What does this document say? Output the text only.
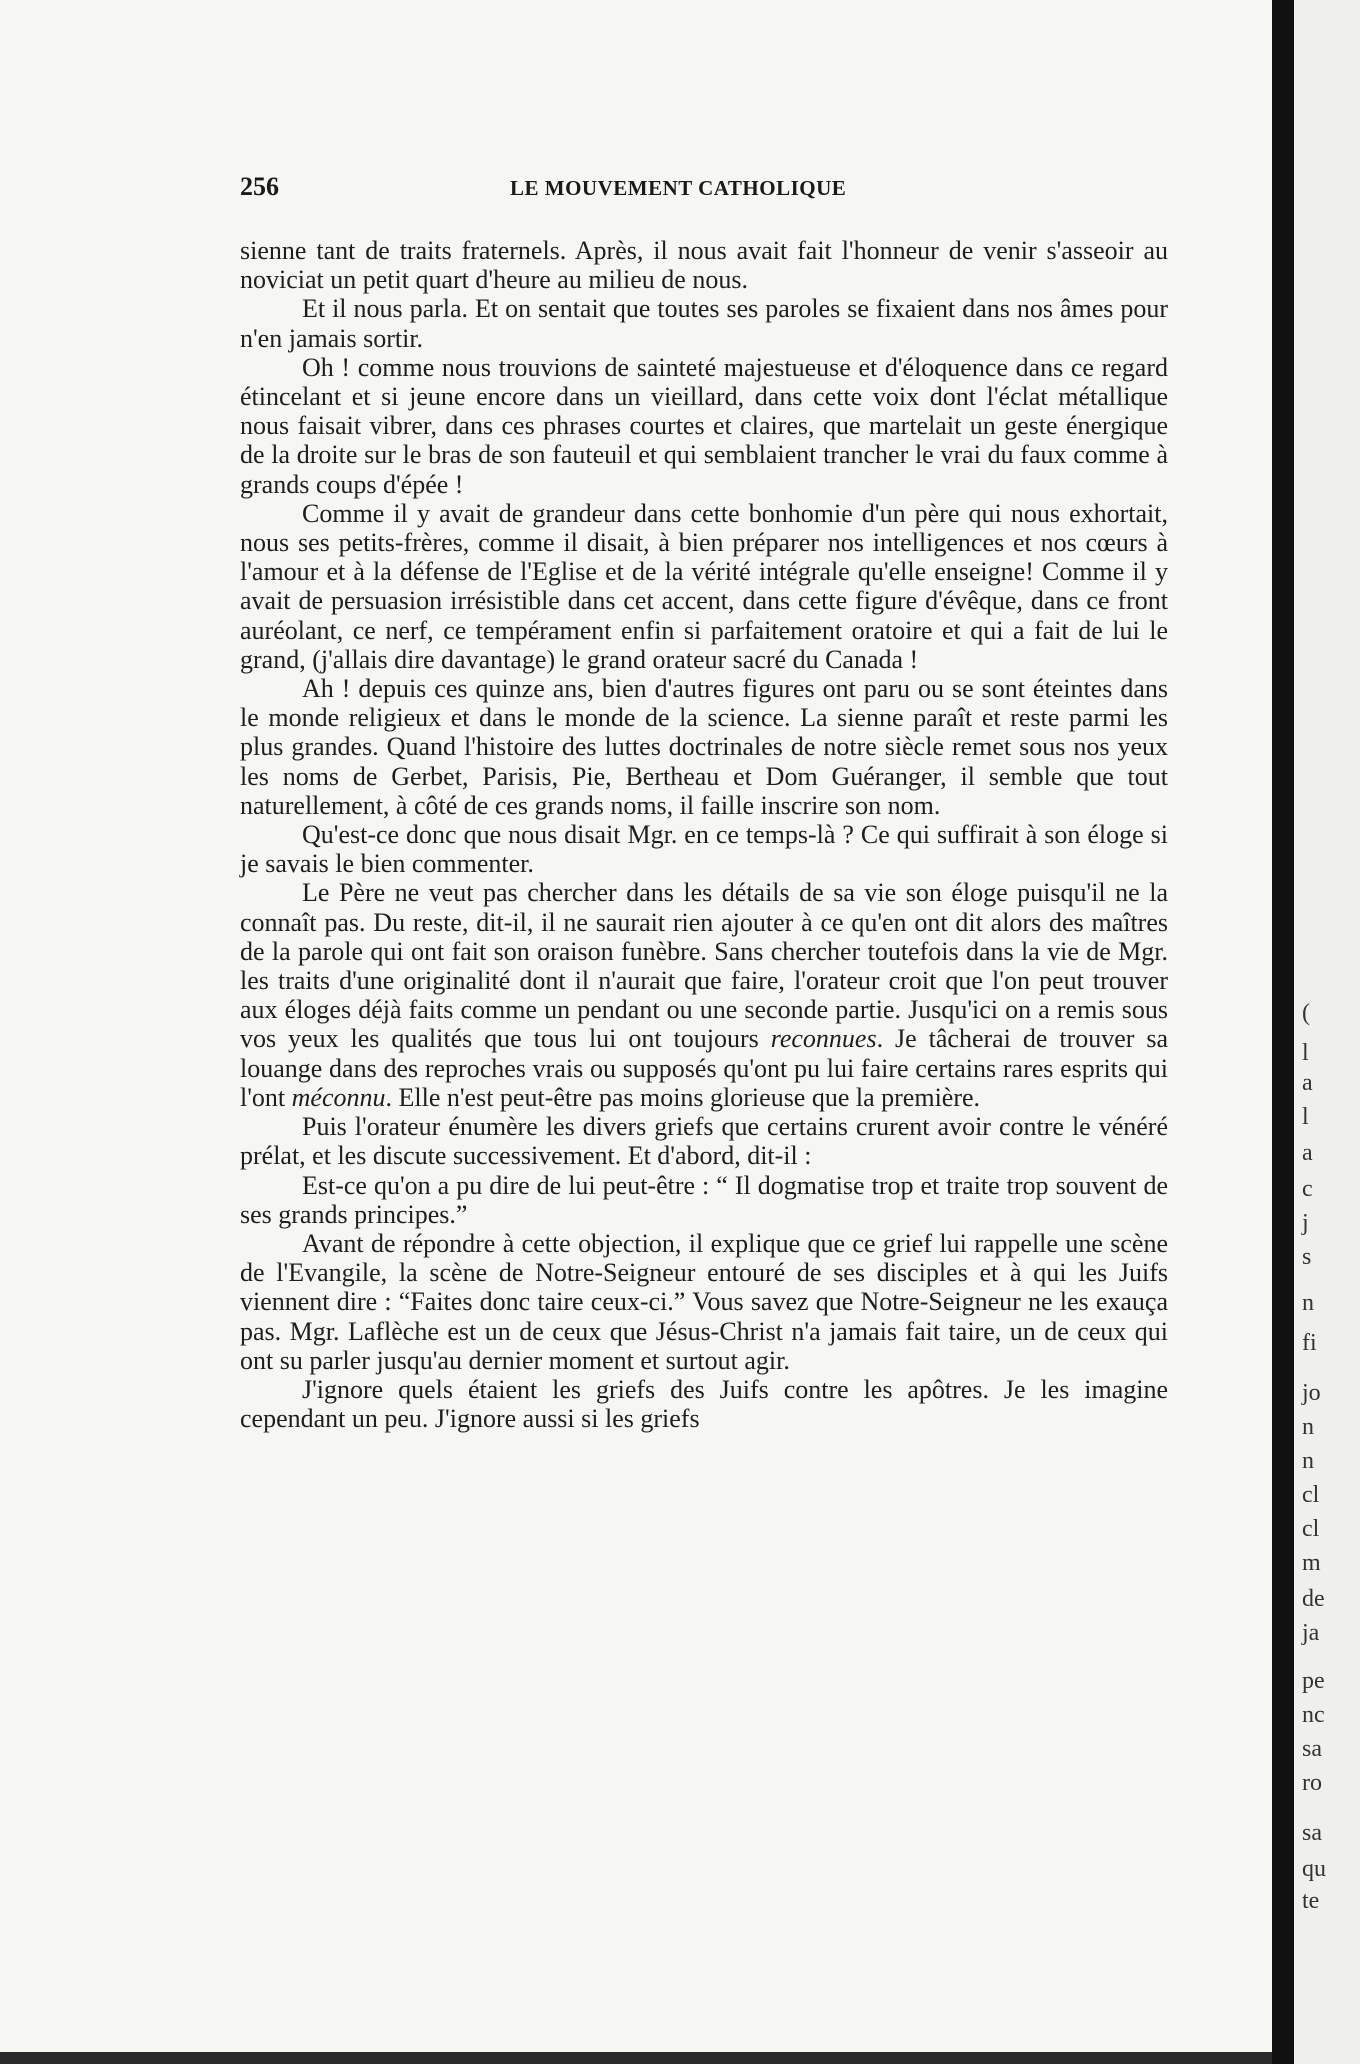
256	LE MOUVEMENT CATHOLIQUE

sienne tant de traits fraternels. Après, il nous avait fait l'honneur de venir s'asseoir au noviciat un petit quart d'heure au milieu de nous.

Et il nous parla. Et on sentait que toutes ses paroles se fixaient dans nos âmes pour n'en jamais sortir.

Oh ! comme nous trouvions de sainteté majestueuse et d'éloquence dans ce regard étincelant et si jeune encore dans un vieillard, dans cette voix dont l'éclat métallique nous faisait vibrer, dans ces phrases courtes et claires, que martelait un geste énergique de la droite sur le bras de son fauteuil et qui semblaient trancher le vrai du faux comme à grands coups d'épée !

Comme il y avait de grandeur dans cette bonhomie d'un père qui nous exhortait, nous ses petits-frères, comme il disait, à bien préparer nos intelligences et nos cœurs à l'amour et à la défense de l'Eglise et de la vérité intégrale qu'elle enseigne! Comme il y avait de persuasion irrésistible dans cet accent, dans cette figure d'évêque, dans ce front auréolant, ce nerf, ce tempérament enfin si parfaitement oratoire et qui a fait de lui le grand, (j'allais dire davantage) le grand orateur sacré du Canada !

Ah ! depuis ces quinze ans, bien d'autres figures ont paru ou se sont éteintes dans le monde religieux et dans le monde de la science. La sienne paraît et reste parmi les plus grandes. Quand l'histoire des luttes doctrinales de notre siècle remet sous nos yeux les noms de Gerbet, Parisis, Pie, Bertheau et Dom Guéranger, il semble que tout naturellement, à côté de ces grands noms, il faille inscrire son nom.

Qu'est-ce donc que nous disait Mgr. en ce temps-là ? Ce qui suffirait à son éloge si je savais le bien commenter.

Le Père ne veut pas chercher dans les détails de sa vie son éloge puisqu'il ne la connaît pas. Du reste, dit-il, il ne saurait rien ajouter à ce qu'en ont dit alors des maîtres de la parole qui ont fait son oraison funèbre. Sans chercher toutefois dans la vie de Mgr. les traits d'une originalité dont il n'aurait que faire, l'orateur croit que l'on peut trouver aux éloges déjà faits comme un pendant ou une seconde partie. Jusqu'ici on a remis sous vos yeux les qualités que tous lui ont toujours reconnues. Je tâcherai de trouver sa louange dans des reproches vrais ou supposés qu'ont pu lui faire certains rares esprits qui l'ont méconnu. Elle n'est peut-être pas moins glorieuse que la première.

Puis l'orateur énumère les divers griefs que certains crurent avoir contre le vénéré prélat, et les discute successivement. Et d'abord, dit-il :

Est-ce qu'on a pu dire de lui peut-être : “ Il dogmatise trop et traite trop souvent de ses grands principes.”

Avant de répondre à cette objection, il explique que ce grief lui rappelle une scène de l'Evangile, la scène de Notre-Seigneur entouré de ses disciples et à qui les Juifs viennent dire : “Faites donc taire ceux-ci.” Vous savez que Notre-Seigneur ne les exauça pas. Mgr. Laflèche est un de ceux que Jésus-Christ n'a jamais fait taire, un de ceux qui ont su parler jusqu'au dernier moment et surtout agir.

J'ignore quels étaient les griefs des Juifs contre les apôtres. Je les imagine cependant un peu. J'ignore aussi si les griefs

(
l
a
l
a
c
j
s
n
fi
jo
n
n
cl
cl
m
de
ja
pe
nc
sa
ro
sa
qu
te
